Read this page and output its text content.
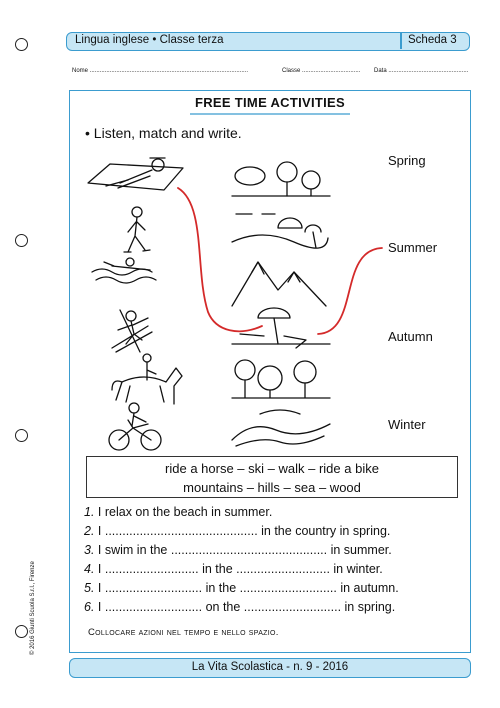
Lingua inglese • Classe terza	Scheda 3
Nome ...............................................................................................	Classe ................................... Data ................................................
FREE TIME ACTIVITIES
• Listen, match and write.
Spring
Summer
Autumn
Winter
ride a horse – ski – walk – ride a bike
mountains – hills – sea – wood
1. I relax on the beach in summer.
2. I ............................................ in the country in spring.
3. I swim in the ............................................. in summer.
4. I ........................... in the ........................... in winter.
5. I ............................ in the ............................ in autumn.
6. I ............................ on the ............................ in spring.
Collocare azioni nel tempo e nello spazio.
© 2016 Giunti Scuola S.r.l., Firenze
La Vita Scolastica - n. 9 - 2016
